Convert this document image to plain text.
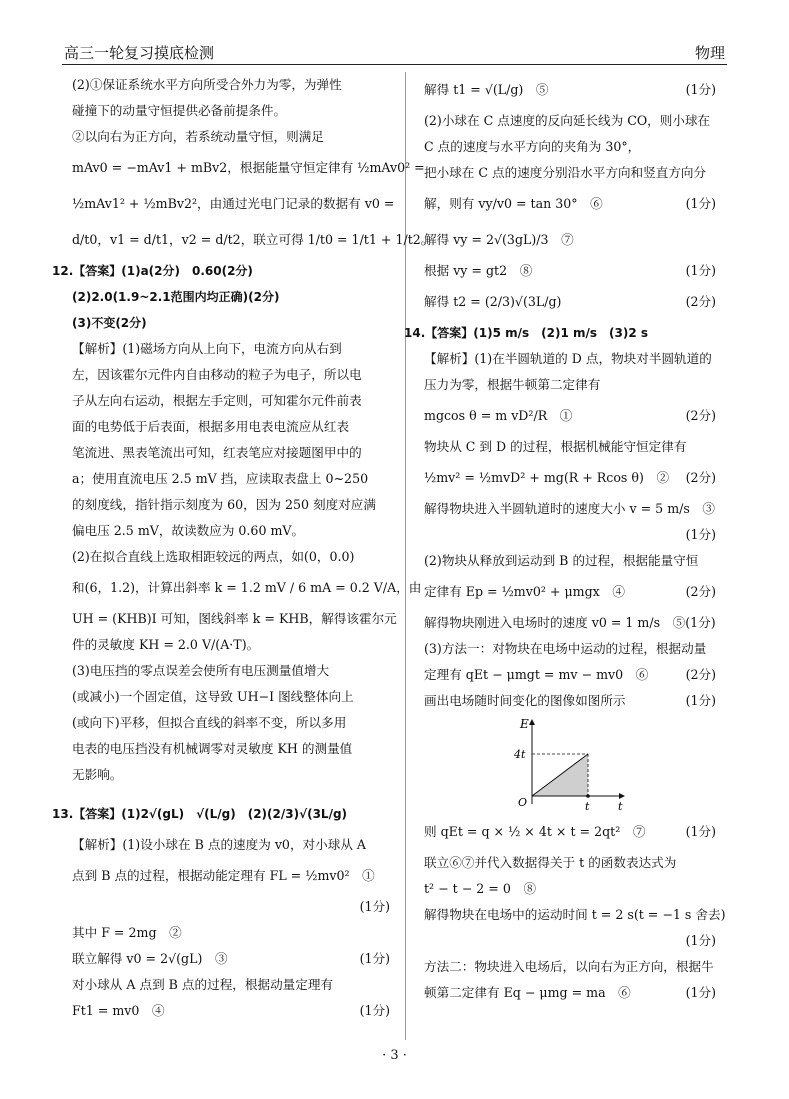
高三一轮复习摸底检测	物理
(2)①保证系统水平方向所受合外力为零，为弹性
碰撞下的动量守恒提供必备前提条件。
②以向右为正方向，若系统动量守恒，则满足
mAv0 = −mAv1 + mBv2，根据能量守恒定律有 ½mAv0² =
½mAv1² + ½mBv2²，由通过光电门记录的数据有 v0 =
d/t0，v1 = d/t1，v2 = d/t2，联立可得 1/t0 = 1/t1 + 1/t2。
12.【答案】(1)a(2分)　0.60(2分)
(2)2.0(1.9~2.1范围内均正确)(2分)
(3)不变(2分)
【解析】(1)磁场方向从上向下，电流方向从右到
左，因该霍尔元件内自由移动的粒子为电子，所以电
子从左向右运动，根据左手定则，可知霍尔元件前表
面的电势低于后表面，根据多用电表电流应从红表
笔流进、黑表笔流出可知，红表笔应对接题图甲中的
a；使用直流电压 2.5 mV 挡，应读取表盘上 0~250
的刻度线，指针指示刻度为 60，因为 250 刻度对应满
偏电压 2.5 mV，故读数应为 0.60 mV。
(2)在拟合直线上选取相距较远的两点，如(0，0.0)
和(6，1.2)，计算出斜率 k = 1.2 mV / 6 mA = 0.2 V/A，由
UH = (KHB)I 可知，图线斜率 k = KHB，解得该霍尔元
件的灵敏度 KH = 2.0 V/(A·T)。
(3)电压挡的零点误差会使所有电压测量值增大
(或减小)一个固定值，这导致 UH−I 图线整体向上
(或向下)平移，但拟合直线的斜率不变，所以多用
电表的电压挡没有机械调零对灵敏度 KH 的测量值
无影响。
13.【答案】(1)2√(gL)　√(L/g)　(2)(2/3)√(3L/g)
【解析】(1)设小球在 B 点的速度为 v0，对小球从 A
点到 B 点的过程，根据动能定理有 FL = ½mv0²　①
(1分)
其中 F = 2mg　②
联立解得 v0 = 2√(gL)　③	(1分)
对小球从 A 点到 B 点的过程，根据动量定理有
Ft1 = mv0　④	(1分)
解得 t1 = √(L/g)　⑤	(1分)
(2)小球在 C 点速度的反向延长线为 CO，则小球在
C 点的速度与水平方向的夹角为 30°，
把小球在 C 点的速度分别沿水平方向和竖直方向分
解，则有 vy/v0 = tan 30°　⑥	(1分)
解得 vy = 2√(3gL)/3　⑦
根据 vy = gt2　⑧	(1分)
解得 t2 = (2/3)√(3L/g)	(2分)
14.【答案】(1)5 m/s　(2)1 m/s　(3)2 s
【解析】(1)在半圆轨道的 D 点，物块对半圆轨道的
压力为零，根据牛顿第二定律有
mgcos θ = m vD²/R　①	(2分)
物块从 C 到 D 的过程，根据机械能守恒定律有
½mv² = ½mvD² + mg(R + Rcos θ)　② (2分)
解得物块进入半圆轨道时的速度大小 v = 5 m/s　③
(1分)
(2)物块从释放到运动到 B 的过程，根据能量守恒
定律有 Ep = ½mv0² + μmgx　④	(2分)
解得物块刚进入电场时的速度 v0 = 1 m/s　⑤(1分)
(3)方法一：对物块在电场中运动的过程，根据动量
定理有 qEt − μmgt = mv − mv0　⑥	(2分)
画出电场随时间变化的图像如图所示	(1分)
E
4t
O	t	t
则 qEt = q × ½ × 4t × t = 2qt²　⑦	(1分)
联立⑥⑦并代入数据得关于 t 的函数表达式为
t² − t − 2 = 0　⑧
解得物块在电场中的运动时间 t = 2 s(t = −1 s 舍去)
(1分)
方法二：物块进入电场后，以向右为正方向，根据牛
顿第二定律有 Eq − μmg = ma　⑥	(1分)
· 3 ·
